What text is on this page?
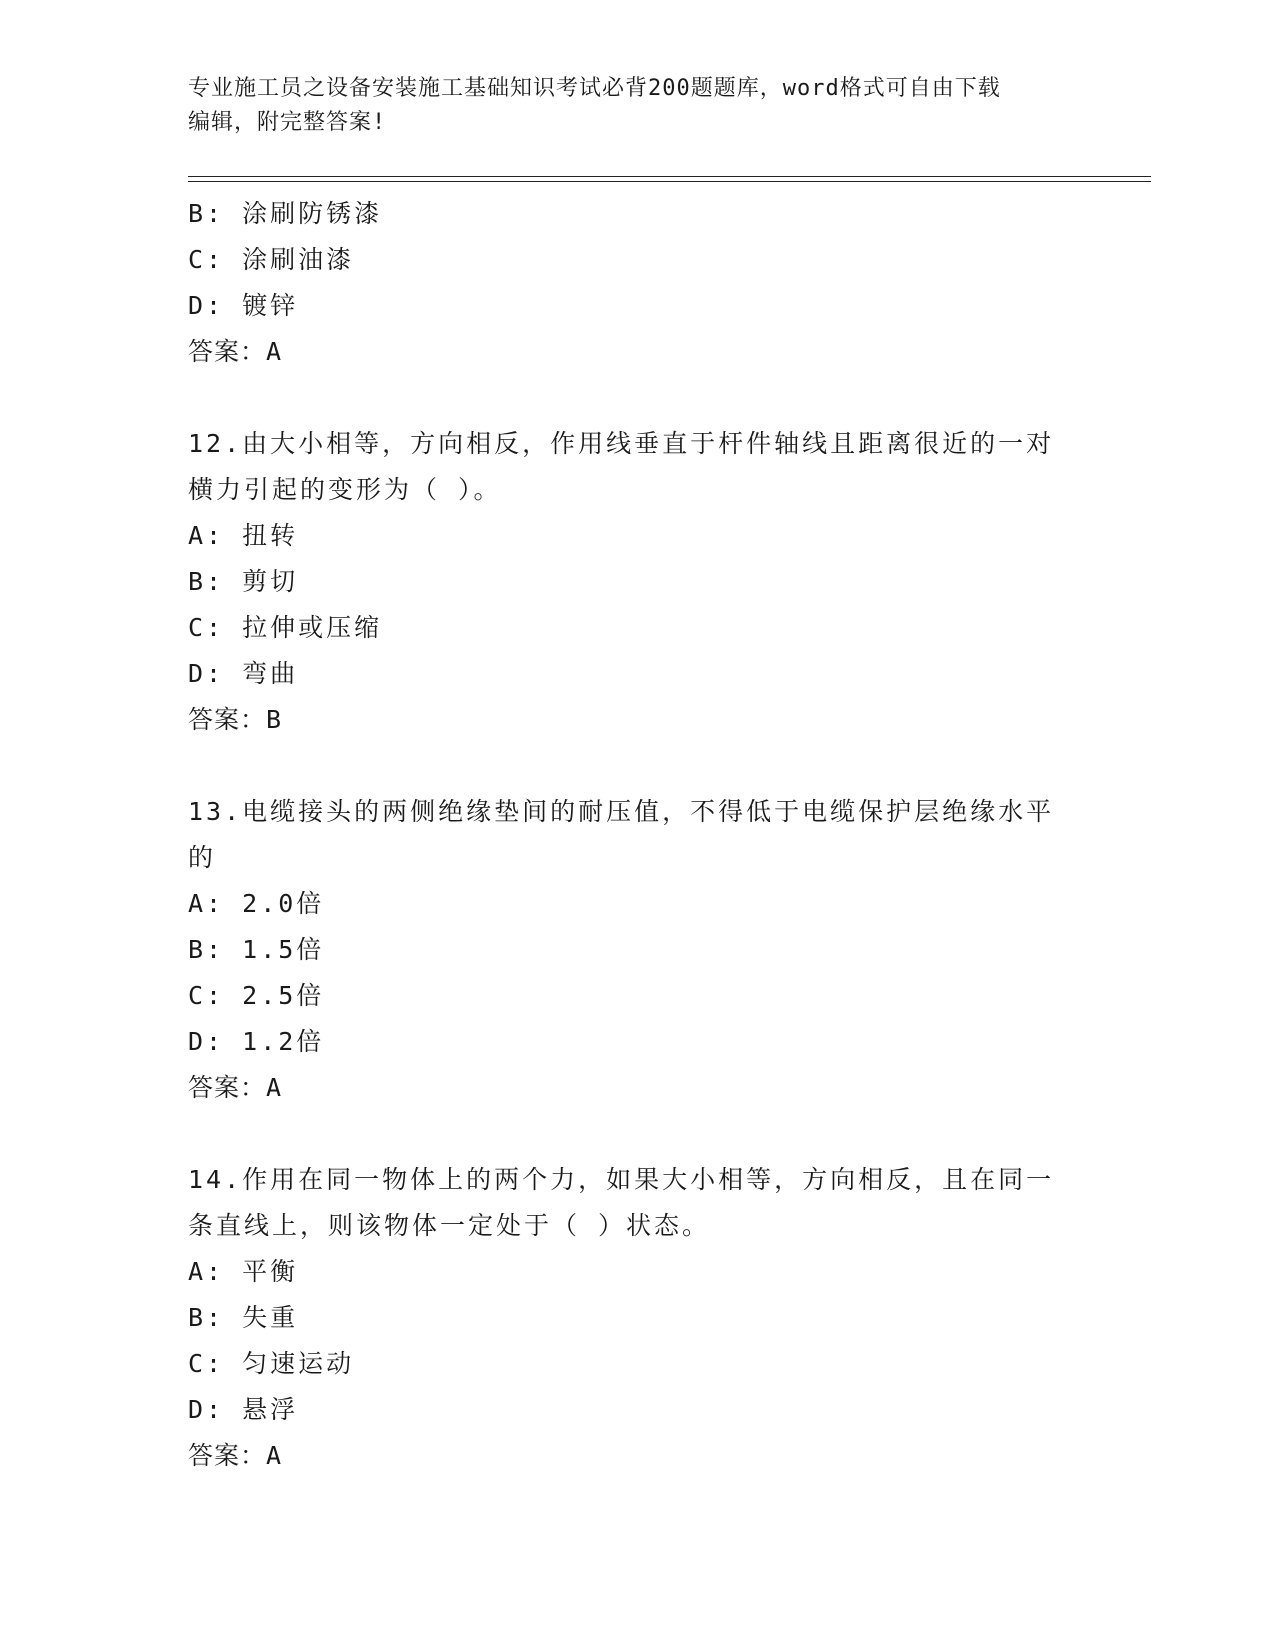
专业施工员之设备安装施工基础知识考试必背200题题库，word格式可自由下载
编辑，附完整答案!
B: 涂刷防锈漆
C: 涂刷油漆
D: 镀锌
答案：A
12.由大小相等，方向相反，作用线垂直于杆件轴线且距离很近的一对
横力引起的变形为（ ）。
A: 扭转
B: 剪切
C: 拉伸或压缩
D: 弯曲
答案：B
13.电缆接头的两侧绝缘垫间的耐压值，不得低于电缆保护层绝缘水平
的
A: 2.0倍
B: 1.5倍
C: 2.5倍
D: 1.2倍
答案：A
14.作用在同一物体上的两个力，如果大小相等，方向相反，且在同一
条直线上，则该物体一定处于（ ）状态。
A: 平衡
B: 失重
C: 匀速运动
D: 悬浮
答案：A
